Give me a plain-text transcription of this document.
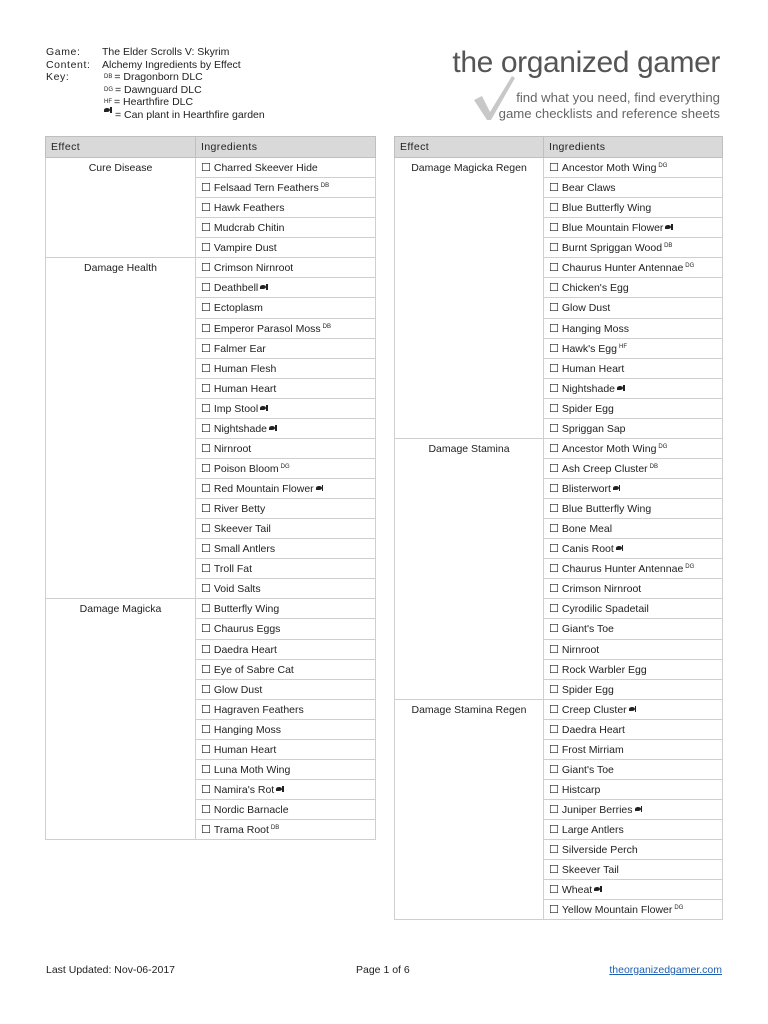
Game:	The Elder Scrolls V: Skyrim
Content:	Alchemy Ingredients by Effect
Key:	DB = Dragonborn DLC
DG = Dawnguard DLC
HF = Hearthfire DLC
= Can plant in Hearthfire garden
the organized gamer
find what you need, find everything
game checklists and reference sheets
Effect	Ingredients
Cure Disease	☐ Charred Skeever Hide
	☐ Felsaad Tern Feathers $^{DB}$
	☐ Hawk Feathers
	☐ Mudcrab Chitin
	☐ Vampire Dust
Damage Health	☐ Crimson Nirnroot
	☐ Deathbell
	☐ Ectoplasm
	☐ Emperor Parasol Moss $^{DB}$
	☐ Falmer Ear
	☐ Human Flesh
	☐ Human Heart
	☐ Imp Stool
	☐ Nightshade
	☐ Nirnroot
	☐ Poison Bloom $^{DG}$
	☐ Red Mountain Flower
	☐ River Betty
	☐ Skeever Tail
	☐ Small Antlers
	☐ Troll Fat
	☐ Void Salts
Damage Magicka	☐ Butterfly Wing
	☐ Chaurus Eggs
	☐ Daedra Heart
	☐ Eye of Sabre Cat
	☐ Glow Dust
	☐ Hagraven Feathers
	☐ Hanging Moss
	☐ Human Heart
	☐ Luna Moth Wing
	☐ Namira's Rot
	☐ Nordic Barnacle
	☐ Trama Root $^{DB}$
Effect	Ingredients
Damage Magicka Regen	☐ Ancestor Moth Wing $^{DG}$
	☐ Bear Claws
	☐ Blue Butterfly Wing
	☐ Blue Mountain Flower
	☐ Burnt Spriggan Wood $^{DB}$
	☐ Chaurus Hunter Antennae $^{DG}$
	☐ Chicken's Egg
	☐ Glow Dust
	☐ Hanging Moss
	☐ Hawk's Egg $^{HF}$
	☐ Human Heart
	☐ Nightshade
	☐ Spider Egg
	☐ Spriggan Sap
Damage Stamina	☐ Ancestor Moth Wing $^{DG}$
	☐ Ash Creep Cluster $^{DB}$
	☐ Blisterwort
	☐ Blue Butterfly Wing
	☐ Bone Meal
	☐ Canis Root
	☐ Chaurus Hunter Antennae $^{DG}$
	☐ Crimson Nirnroot
	☐ Cyrodilic Spadetail
	☐ Giant's Toe
	☐ Nirnroot
	☐ Rock Warbler Egg
	☐ Spider Egg
Damage Stamina Regen	☐ Creep Cluster
	☐ Daedra Heart
	☐ Frost Mirriam
	☐ Giant's Toe
	☐ Histcarp
	☐ Juniper Berries
	☐ Large Antlers
	☐ Silverside Perch
	☐ Skeever Tail
	☐ Wheat
	☐ Yellow Mountain Flower $^{DG}$
Last Updated: Nov-06-2017	Page 1 of 6	theorganizedgamer.com
